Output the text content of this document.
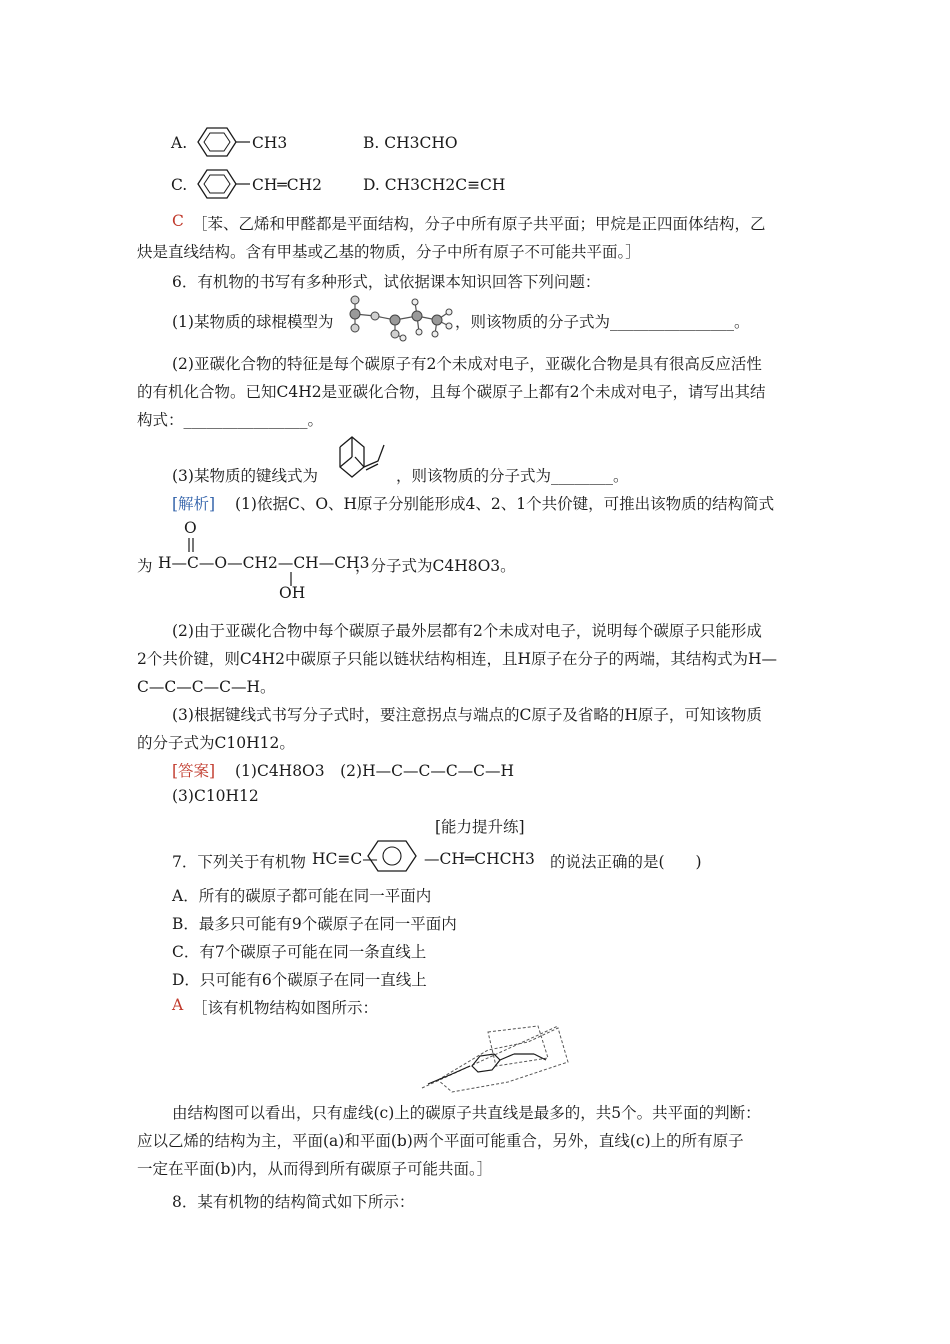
A.	CH3	B. CH3CHO
C.	CH═CH2	D. CH3CH2C≡CH
C ［苯、乙烯和甲醛都是平面结构，分子中所有原子共平面；甲烷是正四面体结构，乙
炔是直线结构。含有甲基或乙基的物质，分子中所有原子不可能共平面。］
6．有机物的书写有多种形式，试依据课本知识回答下列问题：
(1)某物质的球棍模型为	，则该物质的分子式为________________。
(2)亚碳化合物的特征是每个碳原子有2个未成对电子，亚碳化合物是具有很高反应活性
的有机化合物。已知C4H2是亚碳化合物，且每个碳原子上都有2个未成对电子，请写出其结
构式：________________。
(3)某物质的键线式为	，则该物质的分子式为________。
[解析] (1)依据C、O、H原子分别能形成4、2、1个共价键，可推出该物质的结构简式
O
为 H—C—O—CH2—CH—CH3
，分子式为C4H8O3。
OH
(2)由于亚碳化合物中每个碳原子最外层都有2个未成对电子，说明每个碳原子只能形成
2个共价键，则C4H2中碳原子只能以链状结构相连，且H原子在分子的两端，其结构式为H—
C—C—C—C—H。
(3)根据键线式书写分子式时，要注意拐点与端点的C原子及省略的H原子，可知该物质
的分子式为C10H12。
[答案] (1)C4H8O3　(2)H—C—C—C—C—H
(3)C10H12
[能力提升练]
7．下列关于有机物 HC≡C—	—CH═CHCH3 的说法正确的是(　　)
A．所有的碳原子都可能在同一平面内
B．最多只可能有9个碳原子在同一平面内
C．有7个碳原子可能在同一条直线上
D．只可能有6个碳原子在同一直线上
A ［该有机物结构如图所示：
由结构图可以看出，只有虚线(c)上的碳原子共直线是最多的，共5个。共平面的判断：
应以乙烯的结构为主，平面(a)和平面(b)两个平面可能重合，另外，直线(c)上的所有原子
一定在平面(b)内，从而得到所有碳原子可能共面。］
8．某有机物的结构简式如下所示：
